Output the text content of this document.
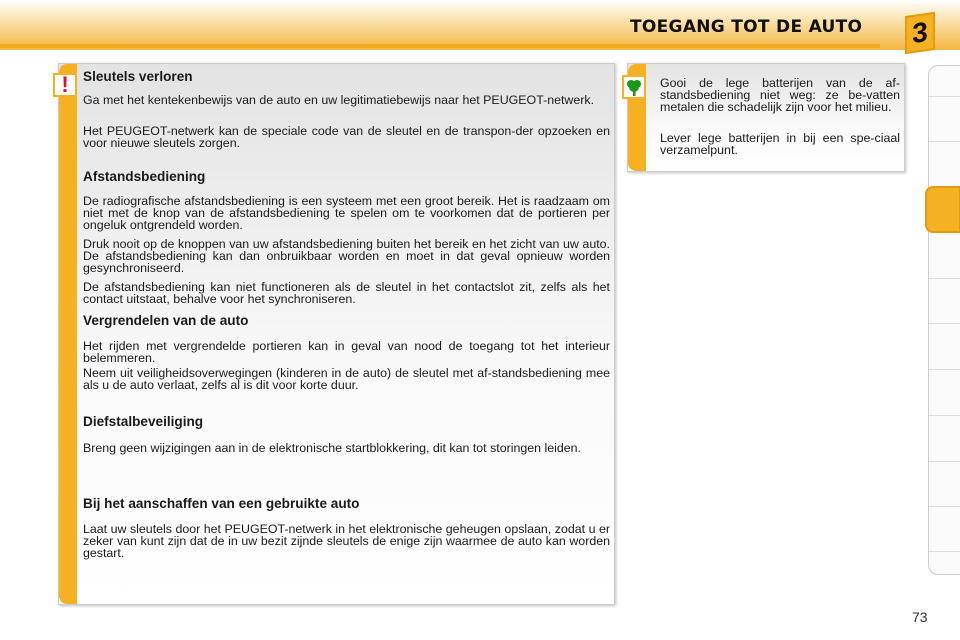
TOEGANG TOT DE AUTO 3
! Sleutels verloren
Ga met het kentekenbewijs van de auto en uw legitimatiebewijs naar het PEUGEOT-netwerk.
Het PEUGEOT-netwerk kan de speciale code van de sleutel en de transpon-der opzoeken en voor nieuwe sleutels zorgen.
Afstandsbediening
De radiografische afstandsbediening is een systeem met een groot bereik. Het is raadzaam om niet met de knop van de afstandsbediening te spelen om te voorkomen dat de portieren per ongeluk ontgrendeld worden.
Druk nooit op de knoppen van uw afstandsbediening buiten het bereik en het zicht van uw auto. De afstandsbediening kan dan onbruikbaar worden en moet in dat geval opnieuw worden gesynchroniseerd.
De afstandsbediening kan niet functioneren als de sleutel in het contactslot zit, zelfs als het contact uitstaat, behalve voor het synchroniseren.
Vergrendelen van de auto
Het rijden met vergrendelde portieren kan in geval van nood de toegang tot het interieur belemmeren.
Neem uit veiligheidsoverwegingen (kinderen in de auto) de sleutel met af-standsbediening mee als u de auto verlaat, zelfs al is dit voor korte duur.
Diefstalbeveiliging
Breng geen wijzigingen aan in de elektronische startblokkering, dit kan tot storingen leiden.
Bij het aanschaffen van een gebruikte auto
Laat uw sleutels door het PEUGEOT-netwerk in het elektronische geheugen opslaan, zodat u er zeker van kunt zijn dat de in uw bezit zijnde sleutels de enige zijn waarmee de auto kan worden gestart.
Gooi de lege batterijen van de af-standsbediening niet weg: ze be-vatten metalen die schadelijk zijn voor het milieu.
Lever lege batterijen in bij een spe-ciaal verzamelpunt.
73
